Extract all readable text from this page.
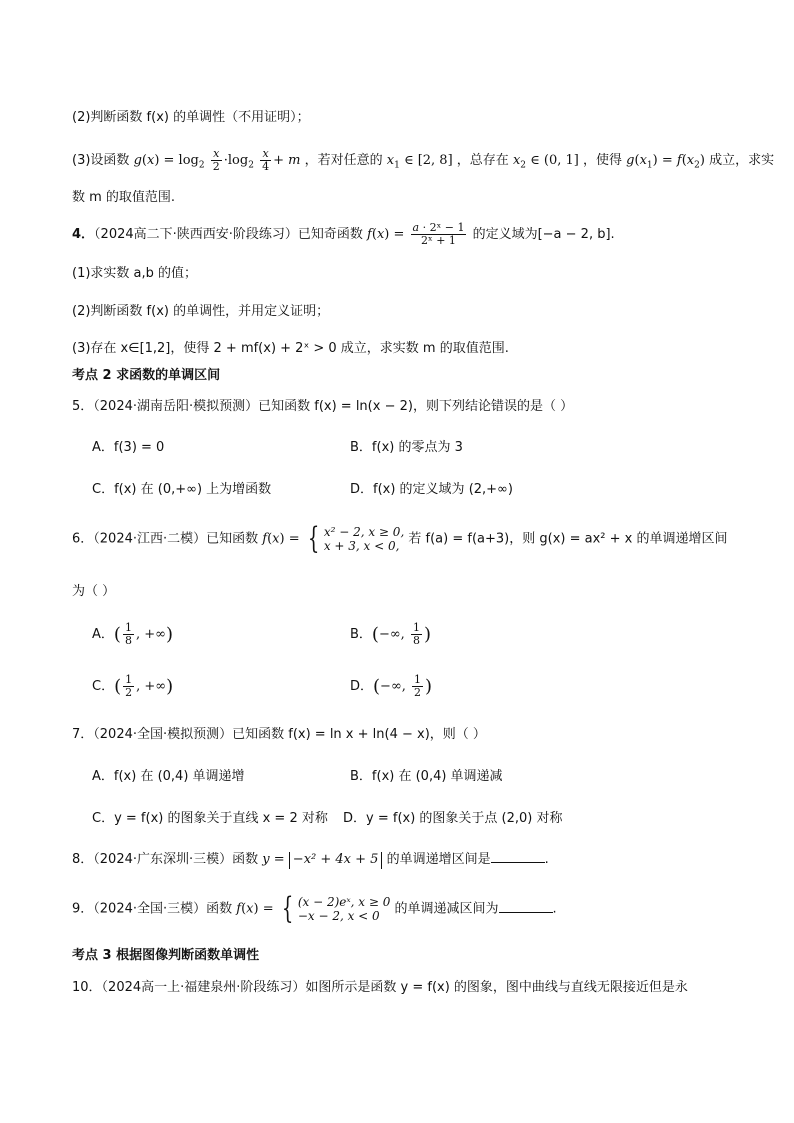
(2)判断函数 f(x) 的单调性（不用证明）；
(3)设函数 $g(x) = \log_2 \frac{x}{2} \cdot\log_2 \frac{x}{4} + m$ ，若对任意的 $x_1$ ∈ [2, 8] ，总存在 $x_2$ ∈ (0, 1] ，使得 $g(x_1) = f(x_2)$ 成立，求实
数 m 的取值范围.
4．（2024高二下·陕西西安·阶段练习）已知奇函数 $f(x) = \frac{\text{a · 2ˣ − 1}}{\text{2ˣ + 1}}$ 的定义域为[−a − 2, b].
(1)求实数 a,b 的值；
(2)判断函数 f(x) 的单调性，并用定义证明；
(3)存在 x∈[1,2]，使得 2 + mf(x) + 2ˣ > 0 成立，求实数 m 的取值范围.
考点 2 求函数的单调区间
5．（2024·湖南岳阳·模拟预测）已知函数 f(x) = ln(x − 2)，则下列结论错误的是（ ）
A．f(3) = 0	B．f(x) 的零点为 3
C．f(x) 在 (0,+∞) 上为增函数	D．f(x) 的定义域为 (2,+∞)
6．（2024·江西·二模）已知函数 f(x) = { x² − 2, x ≥ 0,
x + 3, x < 0, 若 f(a) = f(a+3)，则 g(x) = ax² + x 的单调递增区间
为（ ）
A．( $\frac{1}{8}$ , +∞)	B．(−∞, $\frac{1}{8}$ )
C．( $\frac{1}{2}$ , +∞)	D．(−∞, $\frac{1}{2}$ )
7．（2024·全国·模拟预测）已知函数 f(x) = ln x + ln(4 − x)，则（ ）
A．f(x) 在 (0,4) 单调递增	B．f(x) 在 (0,4) 单调递减
C．y = f(x) 的图象关于直线 x = 2 对称 D．y = f(x) 的图象关于点 (2,0) 对称
8．（2024·广东深圳·三模）函数 y = −x² + 4x + 5 的单调递增区间是	.
9．（2024·全国·三模）函数 f(x) = { (x − 2)eˣ, x ≥ 0
−x − 2, x < 0	的单调递减区间为	.
考点 3 根据图像判断函数单调性
10．（2024高一上·福建泉州·阶段练习）如图所示是函数 y = f(x) 的图象，图中曲线与直线无限接近但是永
